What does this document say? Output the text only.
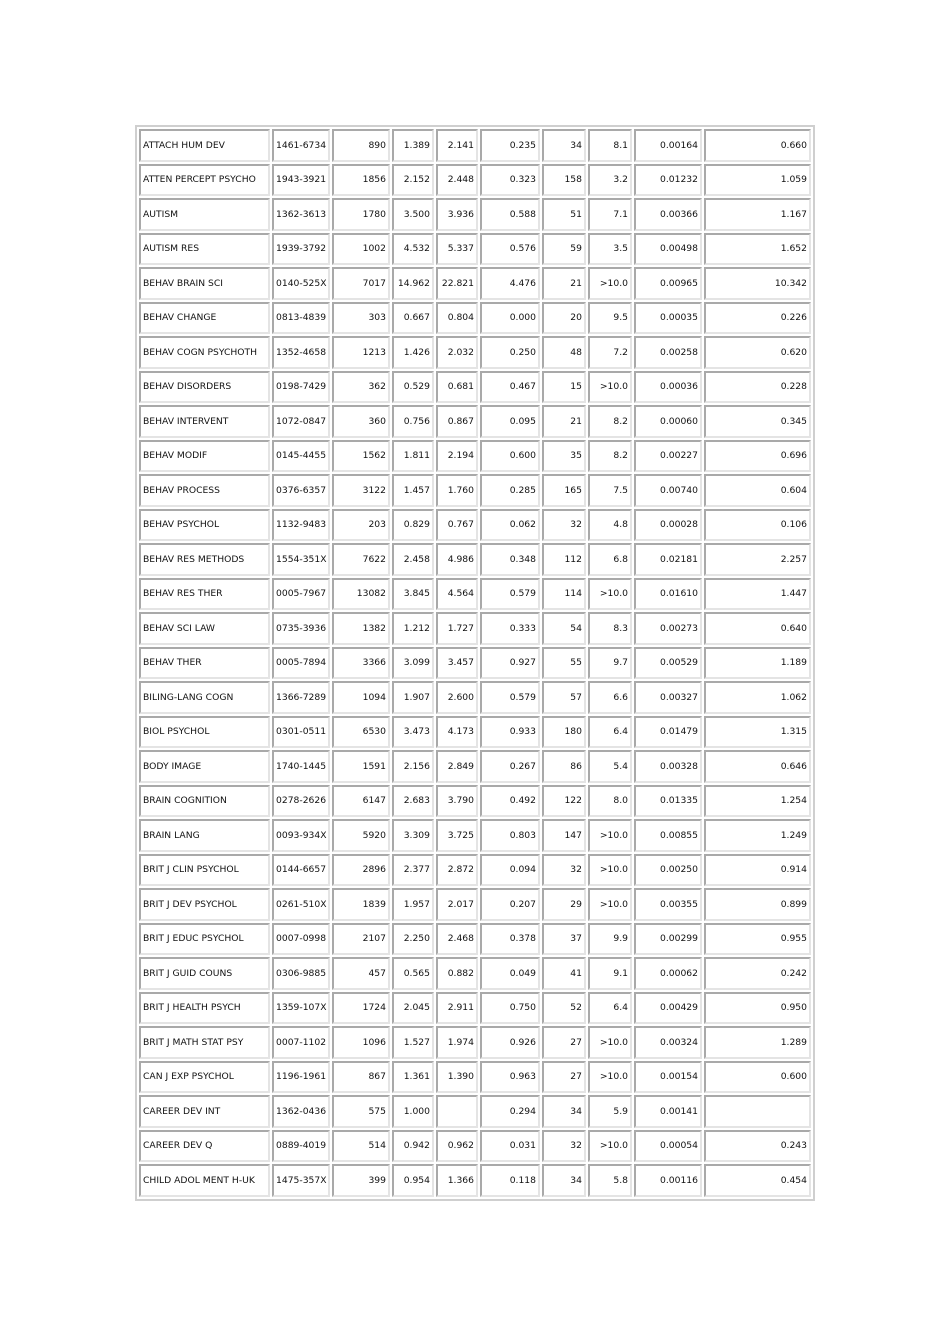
ATTACH HUM DEV	1461-6734	890	1.389	2.141	0.235	34	8.1	0.00164	0.660
ATTEN PERCEPT PSYCHO	1943-3921	1856	2.152	2.448	0.323	158	3.2	0.01232	1.059
AUTISM	1362-3613	1780	3.500	3.936	0.588	51	7.1	0.00366	1.167
AUTISM RES	1939-3792	1002	4.532	5.337	0.576	59	3.5	0.00498	1.652
BEHAV BRAIN SCI	0140-525X	7017	14.962	22.821	4.476	21	>10.0	0.00965	10.342
BEHAV CHANGE	0813-4839	303	0.667	0.804	0.000	20	9.5	0.00035	0.226
BEHAV COGN PSYCHOTH	1352-4658	1213	1.426	2.032	0.250	48	7.2	0.00258	0.620
BEHAV DISORDERS	0198-7429	362	0.529	0.681	0.467	15	>10.0	0.00036	0.228
BEHAV INTERVENT	1072-0847	360	0.756	0.867	0.095	21	8.2	0.00060	0.345
BEHAV MODIF	0145-4455	1562	1.811	2.194	0.600	35	8.2	0.00227	0.696
BEHAV PROCESS	0376-6357	3122	1.457	1.760	0.285	165	7.5	0.00740	0.604
BEHAV PSYCHOL	1132-9483	203	0.829	0.767	0.062	32	4.8	0.00028	0.106
BEHAV RES METHODS	1554-351X	7622	2.458	4.986	0.348	112	6.8	0.02181	2.257
BEHAV RES THER	0005-7967	13082	3.845	4.564	0.579	114	>10.0	0.01610	1.447
BEHAV SCI LAW	0735-3936	1382	1.212	1.727	0.333	54	8.3	0.00273	0.640
BEHAV THER	0005-7894	3366	3.099	3.457	0.927	55	9.7	0.00529	1.189
BILING-LANG COGN	1366-7289	1094	1.907	2.600	0.579	57	6.6	0.00327	1.062
BIOL PSYCHOL	0301-0511	6530	3.473	4.173	0.933	180	6.4	0.01479	1.315
BODY IMAGE	1740-1445	1591	2.156	2.849	0.267	86	5.4	0.00328	0.646
BRAIN COGNITION	0278-2626	6147	2.683	3.790	0.492	122	8.0	0.01335	1.254
BRAIN LANG	0093-934X	5920	3.309	3.725	0.803	147	>10.0	0.00855	1.249
BRIT J CLIN PSYCHOL	0144-6657	2896	2.377	2.872	0.094	32	>10.0	0.00250	0.914
BRIT J DEV PSYCHOL	0261-510X	1839	1.957	2.017	0.207	29	>10.0	0.00355	0.899
BRIT J EDUC PSYCHOL	0007-0998	2107	2.250	2.468	0.378	37	9.9	0.00299	0.955
BRIT J GUID COUNS	0306-9885	457	0.565	0.882	0.049	41	9.1	0.00062	0.242
BRIT J HEALTH PSYCH	1359-107X	1724	2.045	2.911	0.750	52	6.4	0.00429	0.950
BRIT J MATH STAT PSY	0007-1102	1096	1.527	1.974	0.926	27	>10.0	0.00324	1.289
CAN J EXP PSYCHOL	1196-1961	867	1.361	1.390	0.963	27	>10.0	0.00154	0.600
CAREER DEV INT	1362-0436	575	1.000		0.294	34	5.9	0.00141	
CAREER DEV Q	0889-4019	514	0.942	0.962	0.031	32	>10.0	0.00054	0.243
CHILD ADOL MENT H-UK	1475-357X	399	0.954	1.366	0.118	34	5.8	0.00116	0.454
